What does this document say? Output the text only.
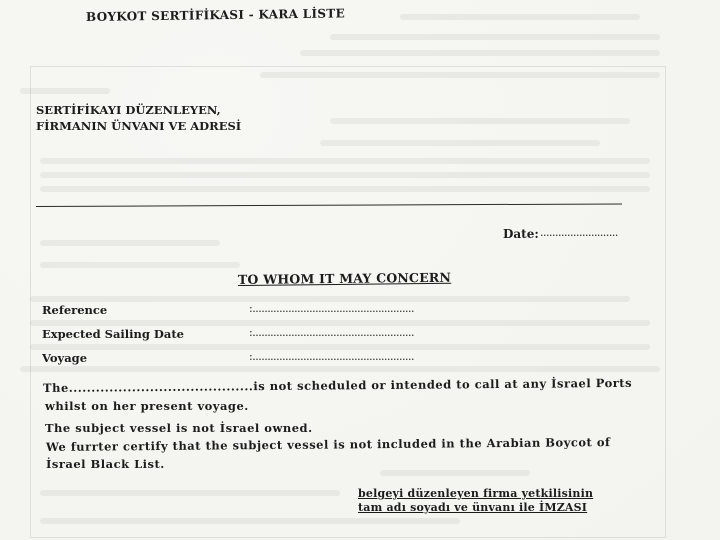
BOYKOT SERTİFİKASI - KARA LİSTE
SERTİFİKAYI DÜZENLEYEN,
FİRMANIN ÜNVANI VE ADRESİ
Date: ..........................
TO WHOM IT MAY CONCERN
Reference	:......................................................
Expected Sailing Date	:......................................................
Voyage	:......................................................
The.........................................is not scheduled or intended to call at any İsrael Ports
whilst on her present voyage.
The subject vessel is not İsrael owned.
We furrter certify that the subject vessel is not included in the Arabian Boycot of
İsrael Black List.
belgeyi düzenleyen firma yetkilisinin
tam adı soyadı ve ünvanı ile İMZASI
